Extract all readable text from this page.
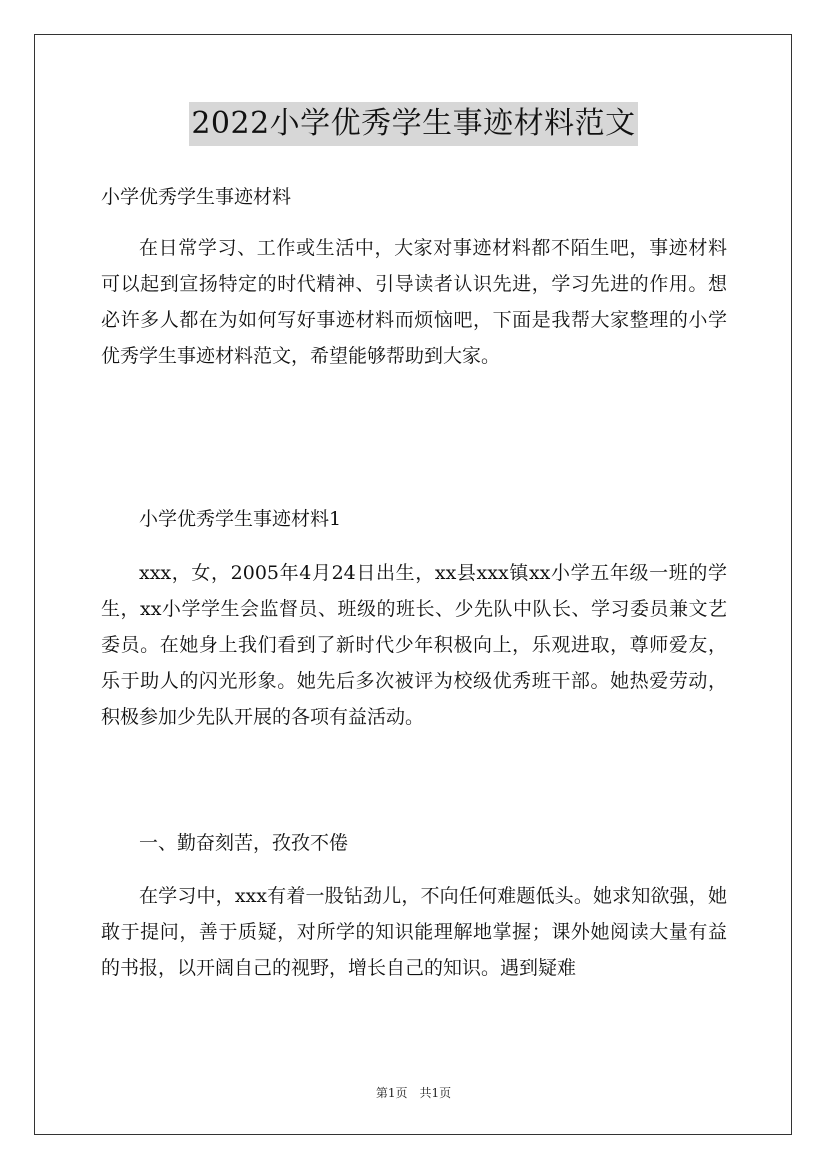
2022小学优秀学生事迹材料范文

小学优秀学生事迹材料

在日常学习、工作或生活中，大家对事迹材料都不陌生吧，事迹材料可以起到宣扬特定的时代精神、引导读者认识先进，学习先进的作用。想必许多人都在为如何写好事迹材料而烦恼吧，下面是我帮大家整理的小学优秀学生事迹材料范文，希望能够帮助到大家。

小学优秀学生事迹材料1

xxx，女，2005年4月24日出生，xx县xxx镇xx小学五年级一班的学生，xx小学学生会监督员、班级的班长、少先队中队长、学习委员兼文艺委员。在她身上我们看到了新时代少年积极向上，乐观进取，尊师爱友，乐于助人的闪光形象。她先后多次被评为校级优秀班干部。她热爱劳动，积极参加少先队开展的各项有益活动。

一、勤奋刻苦，孜孜不倦

在学习中，xxx有着一股钻劲儿，不向任何难题低头。她求知欲强，她敢于提问，善于质疑，对所学的知识能理解地掌握；课外她阅读大量有益的书报，以开阔自己的视野，增长自己的知识。遇到疑难

第1页　共1页
